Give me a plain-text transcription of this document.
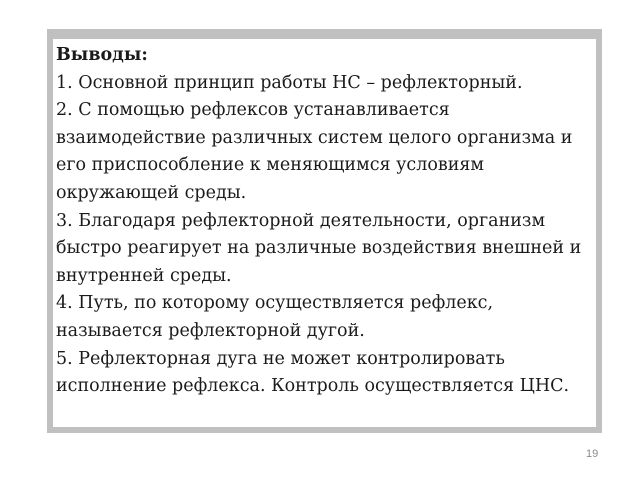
Выводы:
1. Основной принцип работы НС – рефлекторный.
2. С помощью рефлексов устанавливается взаимодействие различных систем целого организма и его приспособление к меняющимся условиям окружающей среды.
3. Благодаря рефлекторной деятельности, организм быстро реагирует на различные воздействия внешней и внутренней среды.
4. Путь, по которому осуществляется рефлекс, называется рефлекторной дугой.
5. Рефлекторная дуга не может контролировать исполнение рефлекса. Контроль осуществляется ЦНС.
19
